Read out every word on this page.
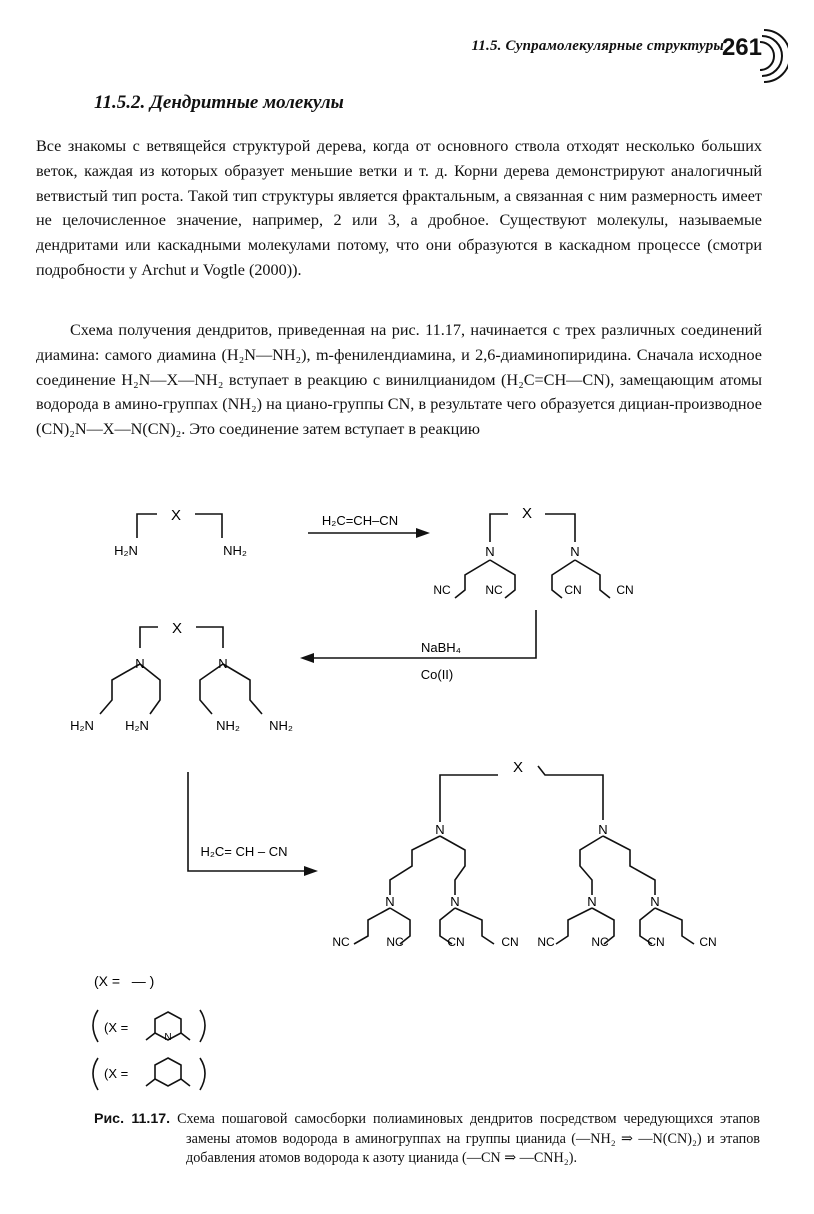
11.5. Супрамолекулярные структуры
261
11.5.2. Дендритные молекулы

Все знакомы с ветвящейся структурой дерева, когда от основного ствола отходят несколько больших веток, каждая из которых образует меньшие ветки и т. д. Корни дерева демонстрируют аналогичный ветвистый тип роста. Такой тип структуры является фрактальным, а связанная с ним размерность имеет не целочисленное значение, например, 2 или 3, а дробное. Существуют молекулы, называемые дендритами или каскадными молекулами потому, что они образуются в каскадном процессе (смотри подробности у Archut и Vogtle (2000)).

Схема получения дендритов, приведенная на рис. 11.17, начинается с трех различных соединений диамина: самого диамина (H₂N—NH₂), m-фенилендиамина, и 2,6-диаминопиридина. Сначала исходное соединение H₂N—X—NH₂ вступает в реакцию с винилцианидом (H₂C=CH—CN), замещающим атомы водорода в амино-группах (NH₂) на циано-группы CN, в результате чего образуется дициан-производное (CN)₂N—X—N(CN)₂. Это соединение затем вступает в реакцию

X
H₂N	NH₂
H₂C=CH–CN	X
N	N
NC	NC	CN	CN
NaBH₄
Co(II)
X
N	N
H₂N H₂N	NH₂ NH₂
H₂C= CH – CN
X
N	N
N	N	N	N
NC	NC	CN	CN NC	NC	CN	CN
(X =   — )
(X =
(X =
N

Рис. 11.17. Схема пошаговой самосборки полиаминовых дендритов посредством чередующихся этапов замены атомов водорода в аминогруппах на группы цианида (—NH₂ ⇒ —N(CN)₂) и этапов добавления атомов водорода к азоту цианида (—CN ⇒ —CNH₂).
